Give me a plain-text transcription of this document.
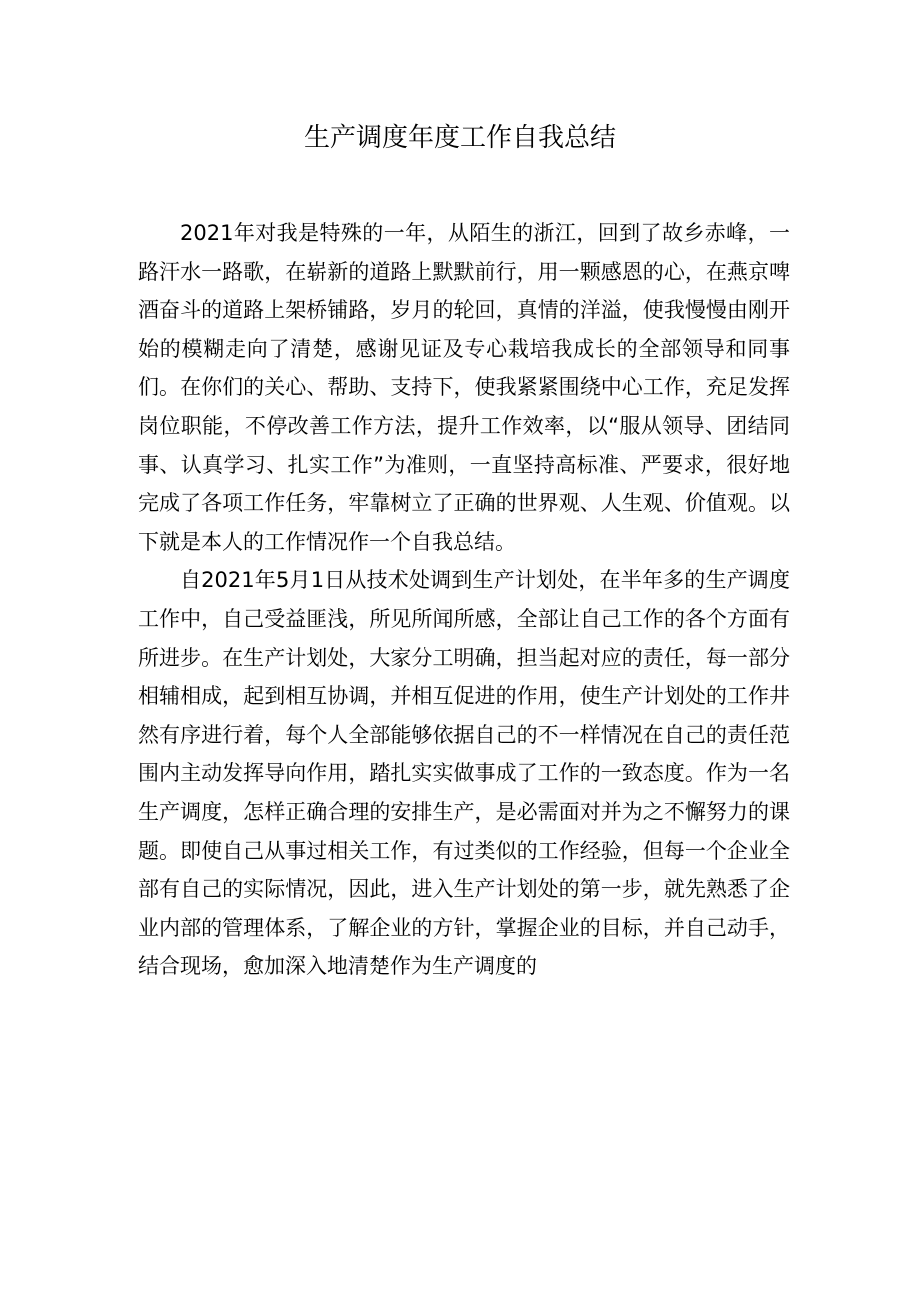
生产调度年度工作自我总结

2021年对我是特殊的一年，从陌生的浙江，回到了故乡赤峰，一路汗水一路歌，在崭新的道路上默默前行，用一颗感恩的心，在燕京啤酒奋斗的道路上架桥铺路，岁月的轮回，真情的洋溢，使我慢慢由刚开始的模糊走向了清楚，感谢见证及专心栽培我成长的全部领导和同事们。在你们的关心、帮助、支持下，使我紧紧围绕中心工作，充足发挥岗位职能，不停改善工作方法，提升工作效率，以“服从领导、团结同事、认真学习、扎实工作”为准则，一直坚持高标准、严要求，很好地完成了各项工作任务，牢靠树立了正确的世界观、人生观、价值观。以下就是本人的工作情况作一个自我总结。

自2021年5月1日从技术处调到生产计划处，在半年多的生产调度工作中，自己受益匪浅，所见所闻所感，全部让自己工作的各个方面有所进步。在生产计划处，大家分工明确，担当起对应的责任，每一部分相辅相成，起到相互协调，并相互促进的作用，使生产计划处的工作井然有序进行着，每个人全部能够依据自己的不一样情况在自己的责任范围内主动发挥导向作用，踏扎实实做事成了工作的一致态度。作为一名生产调度，怎样正确合理的安排生产，是必需面对并为之不懈努力的课题。即使自己从事过相关工作，有过类似的工作经验，但每一个企业全部有自己的实际情况，因此，进入生产计划处的第一步，就先熟悉了企业内部的管理体系，了解企业的方针，掌握企业的目标，并自己动手，结合现场，愈加深入地清楚作为生产调度的
